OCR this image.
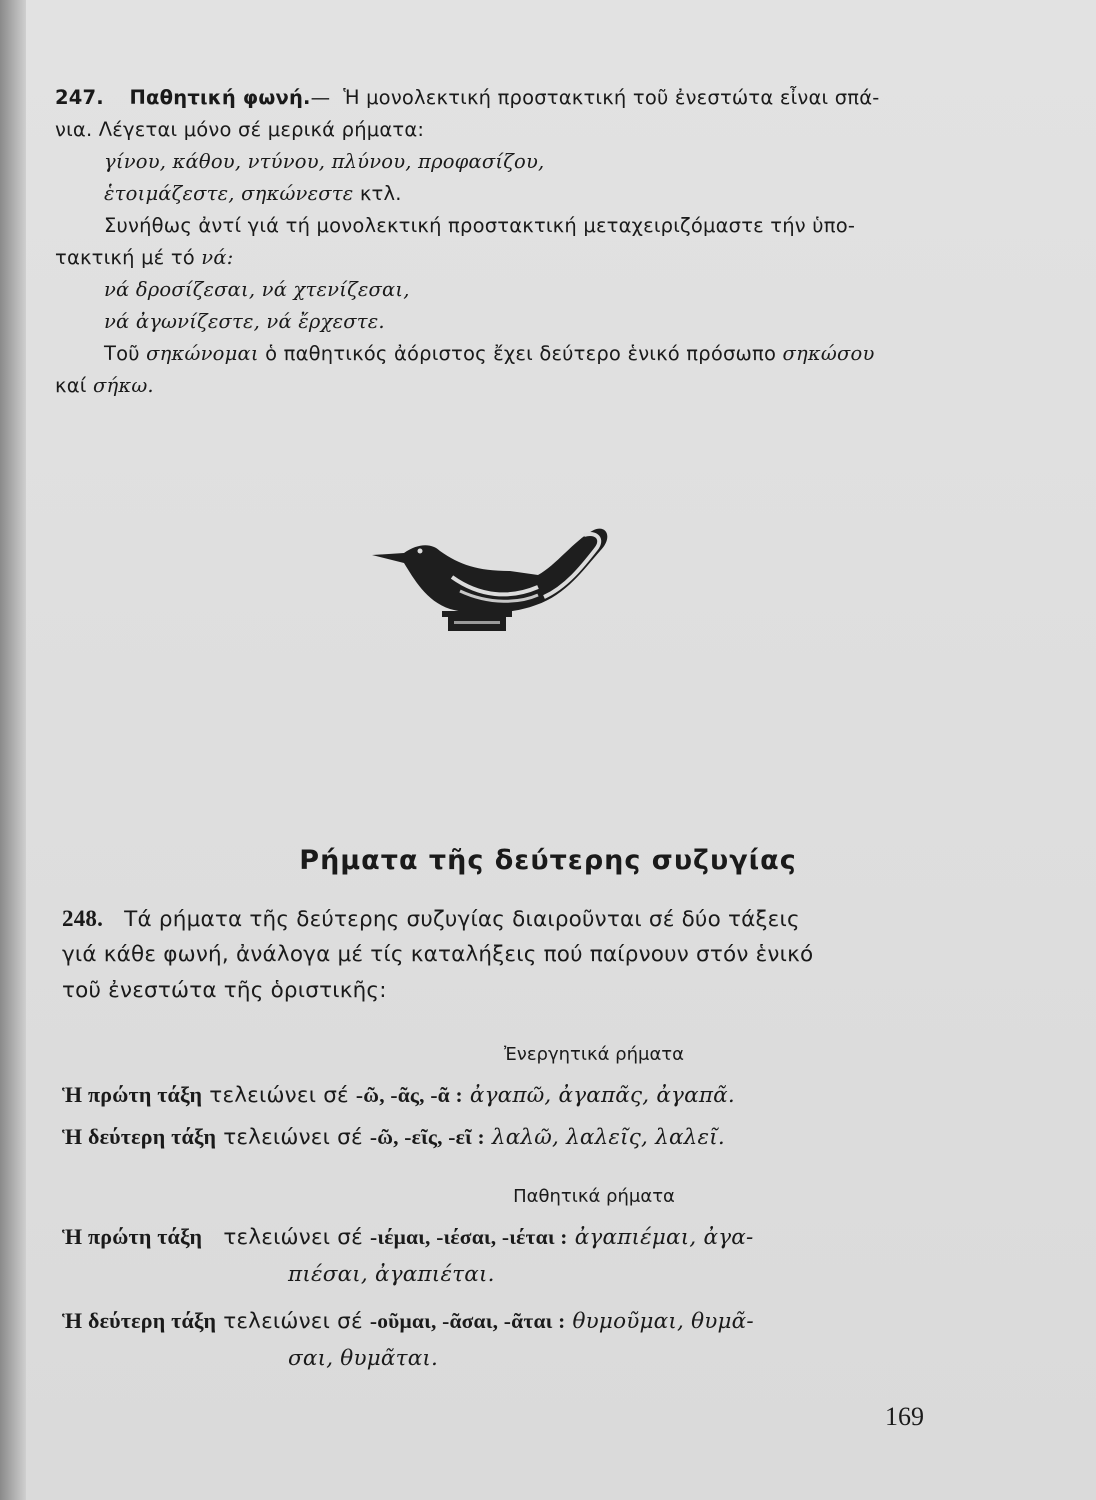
247. Παθητική φωνή.— Ἡ μονολεκτική προστακτική τοῦ ἐνεστώτα εἶναι σπά-
νια. Λέγεται μόνο σέ μερικά ρήματα:
γίνου, κάθου, ντύνου, πλύνου, προφασίζου,
ἑτοιμάζεστε, σηκώνεστε κτλ.
Συνήθως ἀντί γιά τή μονολεκτική προστακτική μεταχειριζόμαστε τήν ὑπο-
τακτική μέ τό νά:
νά δροσίζεσαι, νά χτενίζεσαι,
νά ἀγωνίζεστε, νά ἔρχεστε.
Τοῦ σηκώνομαι ὁ παθητικός ἀόριστος ἔχει δεύτερο ἑνικό πρόσωπο σηκώσου
καί σήκω.
Ρήματα τῆς δεύτερης συζυγίας
248. Τά ρήματα τῆς δεύτερης συζυγίας διαιροῦνται σέ δύο τάξεις
γιά κάθε φωνή, ἀνάλογα μέ τίς καταλήξεις πού παίρνουν στόν ἑνικό
τοῦ ἐνεστώτα τῆς ὁριστικῆς:
Ἐνεργητικά ρήματα
Ἡ πρώτη τάξη τελειώνει σέ -ῶ, -ᾶς, -ᾶ : ἀγαπῶ, ἀγαπᾶς, ἀγαπᾶ.
Ἡ δεύτερη τάξη τελειώνει σέ -ῶ, -εῖς, -εῖ : λαλῶ, λαλεῖς, λαλεῖ.
Παθητικά ρήματα
Ἡ πρώτη τάξη τελειώνει σέ -ιέμαι, -ιέσαι, -ιέται : ἀγαπιέμαι, ἀγα-
πιέσαι, ἀγαπιέται.
Ἡ δεύτερη τάξη τελειώνει σέ -οῦμαι, -ᾶσαι, -ᾶται : θυμοῦμαι, θυμᾶ-
σαι, θυμᾶται.
169
